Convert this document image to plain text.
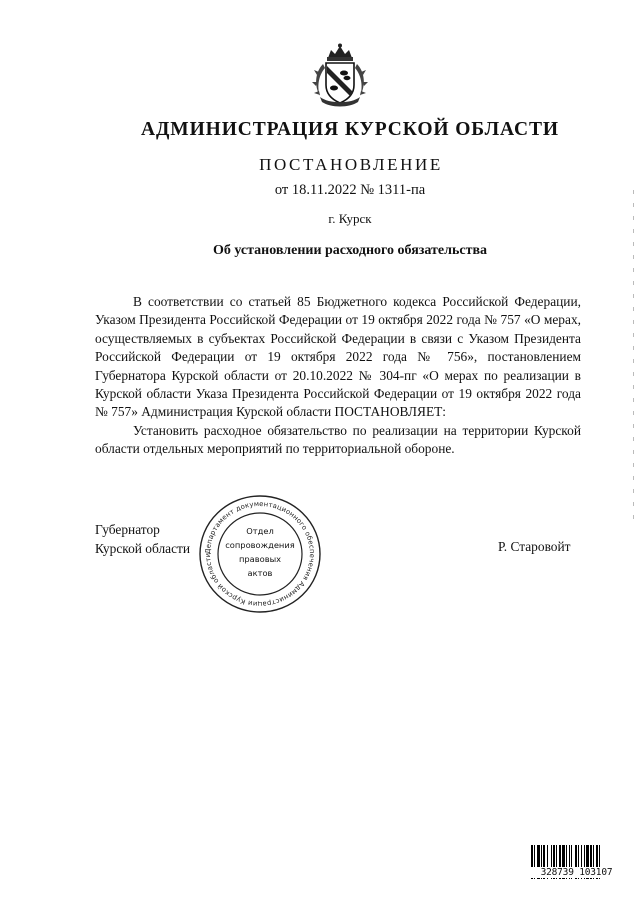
АДМИНИСТРАЦИЯ КУРСКОЙ ОБЛАСТИ
ПОСТАНОВЛЕНИЕ
от 18.11.2022 № 1311-па
г. Курск
Об установлении расходного обязательства

В соответствии со статьей 85 Бюджетного кодекса Российской Федерации, Указом Президента Российской Федерации от 19 октября 2022 года № 757 «О мерах, осуществляемых в субъектах Российской Федерации в связи с Указом Президента Российской Федерации от 19 октября 2022 года № 756», постановлением Губернатора Курской области от 20.10.2022 № 304-пг «О мерах по реализации в Курской области Указа Президента Российской Федерации от 19 октября 2022 года № 757» Администрация Курской области ПОСТАНОВЛЯЕТ:

Установить расходное обязательство по реализации на территории Курской области отдельных мероприятий по территориальной обороне.

Губернатор
Курской области	Р. Старовойт
Департамент документационного обеспечения Администрации Курской области
Отдел
сопровождения
правовых
актов
328739 103107
